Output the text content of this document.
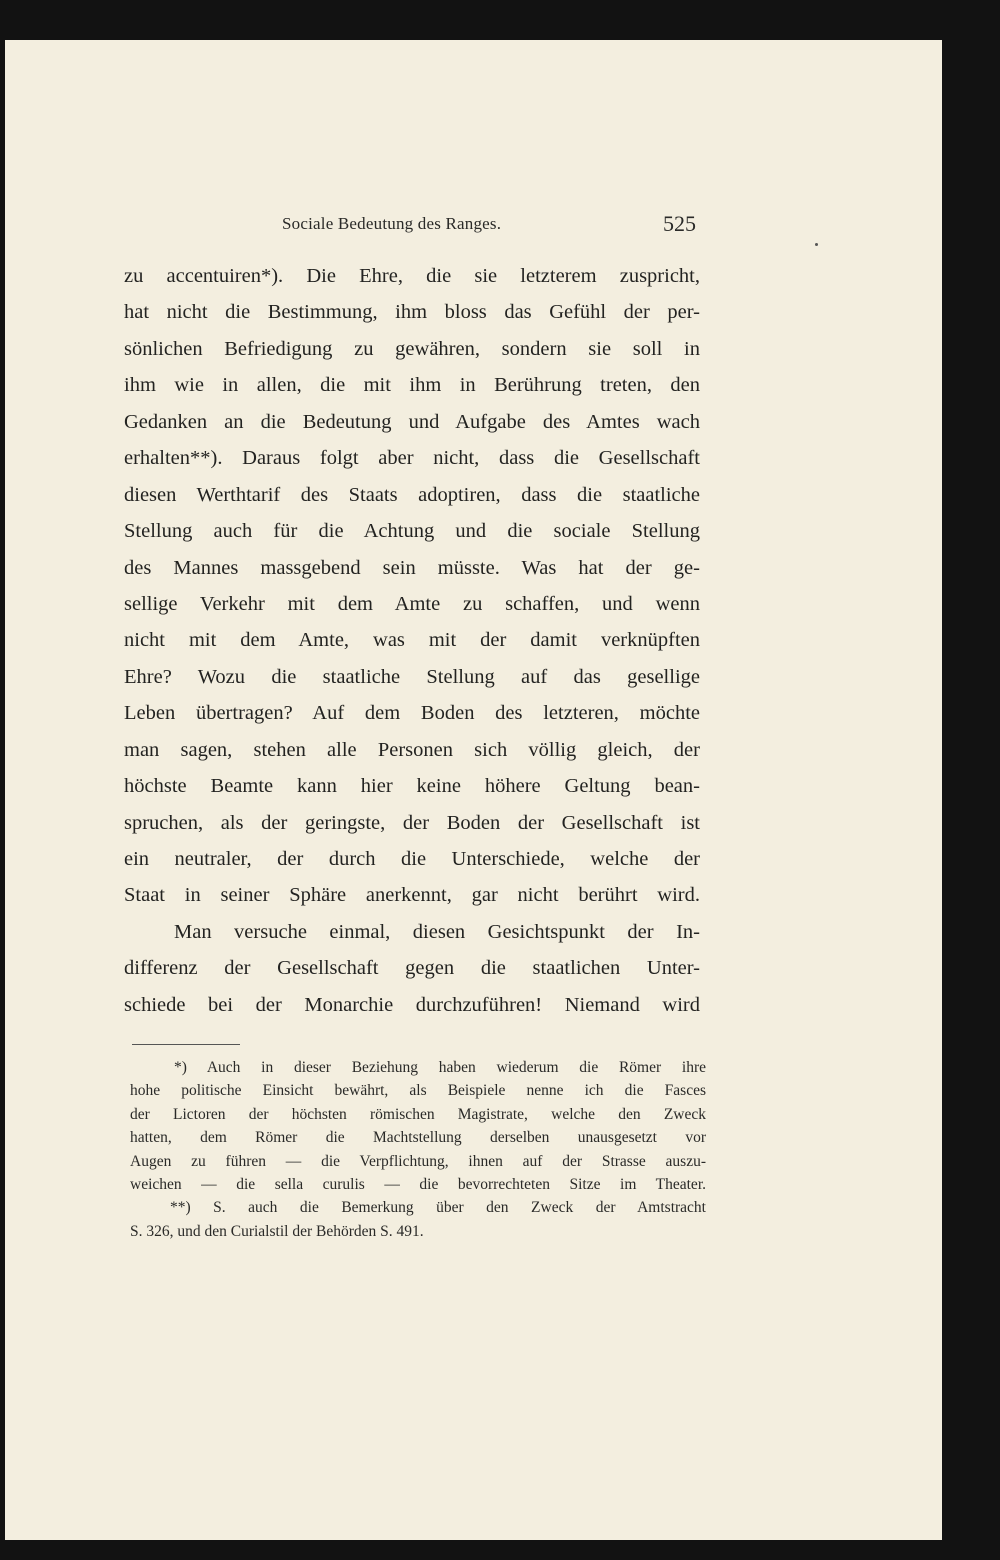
Sociale Bedeutung des Ranges.	525
zu accentuiren*). Die Ehre, die sie letzterem zuspricht,
hat nicht die Bestimmung, ihm bloss das Gefühl der per-
sönlichen Befriedigung zu gewähren, sondern sie soll in
ihm wie in allen, die mit ihm in Berührung treten, den
Gedanken an die Bedeutung und Aufgabe des Amtes wach
erhalten**). Daraus folgt aber nicht, dass die Gesellschaft
diesen Werthtarif des Staats adoptiren, dass die staatliche
Stellung auch für die Achtung und die sociale Stellung
des Mannes massgebend sein müsste. Was hat der ge-
sellige Verkehr mit dem Amte zu schaffen, und wenn
nicht mit dem Amte, was mit der damit verknüpften
Ehre? Wozu die staatliche Stellung auf das gesellige
Leben übertragen? Auf dem Boden des letzteren, möchte
man sagen, stehen alle Personen sich völlig gleich, der
höchste Beamte kann hier keine höhere Geltung bean-
spruchen, als der geringste, der Boden der Gesellschaft ist
ein neutraler, der durch die Unterschiede, welche der
Staat in seiner Sphäre anerkennt, gar nicht berührt wird.
Man versuche einmal, diesen Gesichtspunkt der In-
differenz der Gesellschaft gegen die staatlichen Unter-
schiede bei der Monarchie durchzuführen! Niemand wird
*) Auch in dieser Beziehung haben wiederum die Römer ihre
hohe politische Einsicht bewährt, als Beispiele nenne ich die Fasces
der Lictoren der höchsten römischen Magistrate, welche den Zweck
hatten, dem Römer die Machtstellung derselben unausgesetzt vor
Augen zu führen — die Verpflichtung, ihnen auf der Strasse auszu-
weichen — die sella curulis — die bevorrechteten Sitze im Theater.
**) S. auch die Bemerkung über den Zweck der Amtstracht
S. 326, und den Curialstil der Behörden S. 491.
